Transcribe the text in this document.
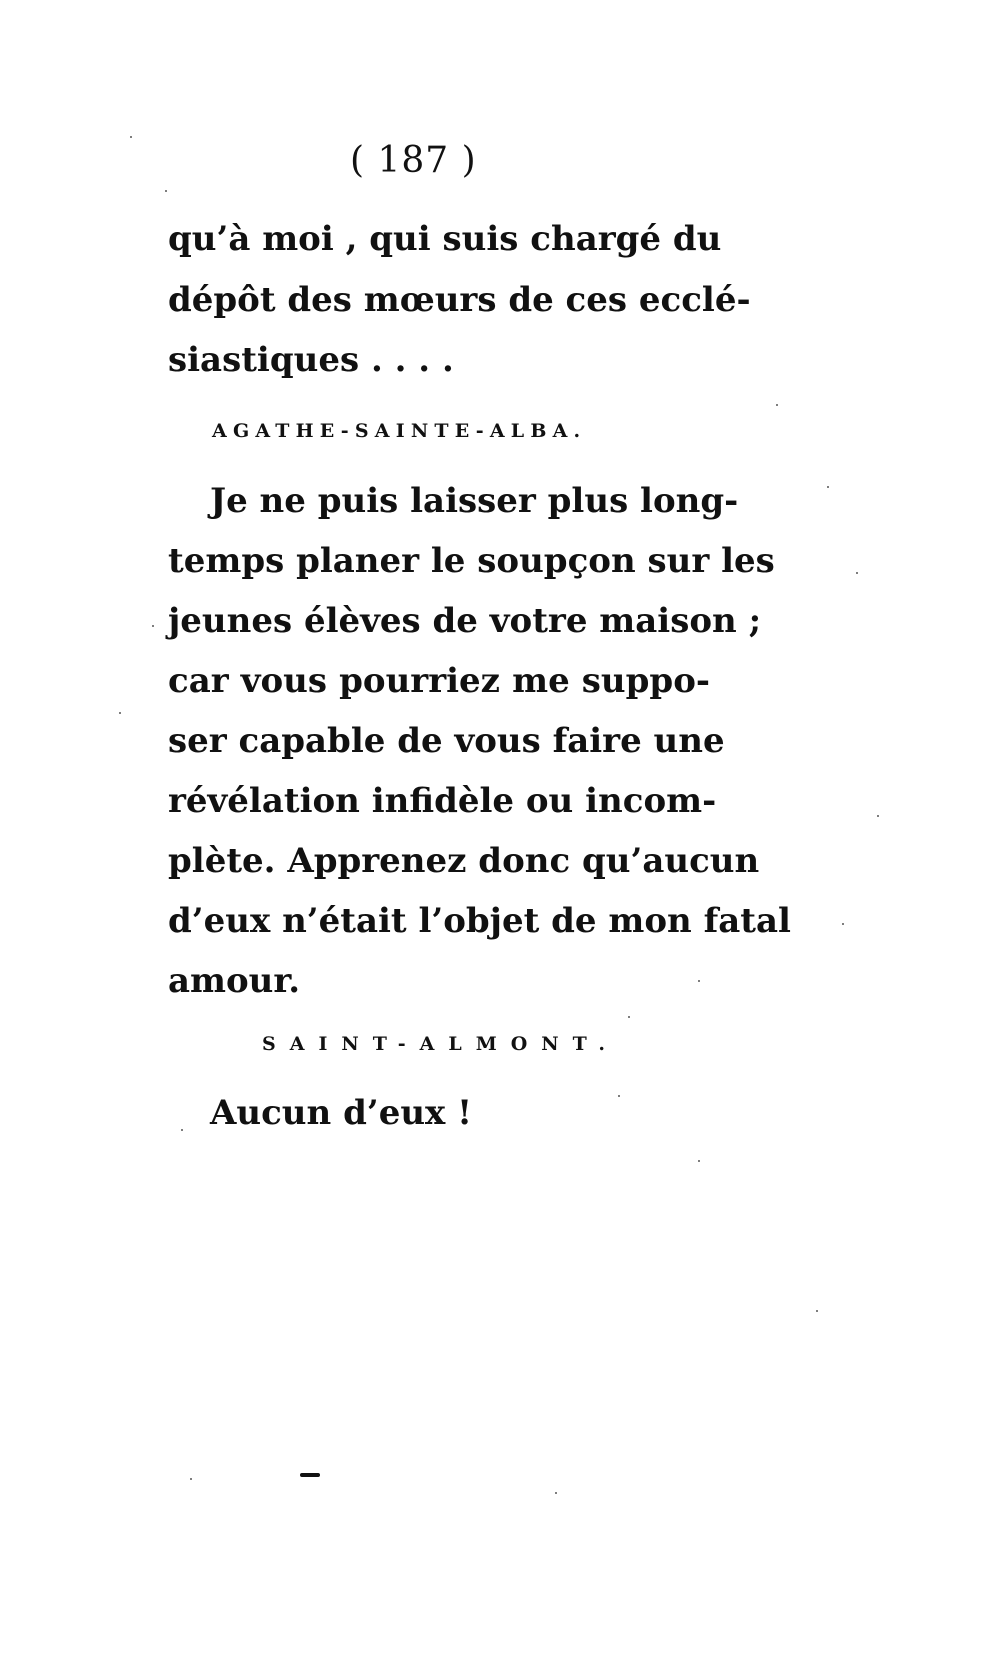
( 187 )
qu’à moi , qui suis chargé du
dépôt des mœurs de ces ecclé-
siastiques . . . .
AGATHE-SAINTE-ALBA.
Je ne puis laisser plus long-
temps planer le soupçon sur les
jeunes élèves de votre maison ;
car vous pourriez me suppo-
ser capable de vous faire une
révélation infidèle ou incom-
plète. Apprenez donc qu’aucun
d’eux n’était l’objet de mon fatal
amour.
SAINT-ALMONT.
Aucun d’eux !
